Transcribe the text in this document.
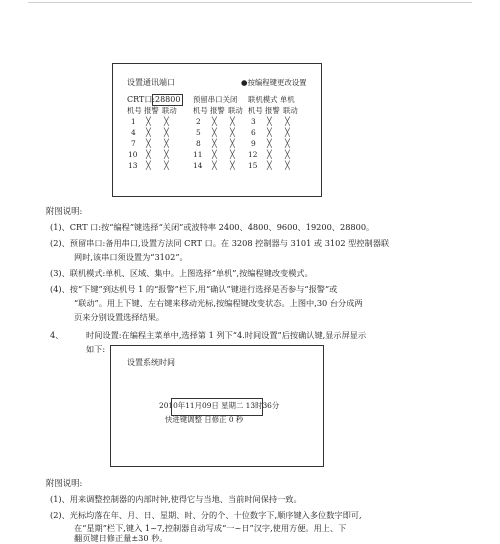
设置通讯端口	●按编程键更改设置
CRT口: 28800	预留串口关闭 联机模式 单机
机号 报警 联动 机号 报警 联动 机号 报警 联动
1 ╳ ╳	2 ╳ ╳ 3 ╳ ╳
4 ╳ ╳	5 ╳ ╳ 6 ╳ ╳
7 ╳ ╳	8 ╳ ╳ 9 ╳ ╳
10 ╳ ╳	11 ╳ ╳ 12 ╳ ╳
13 ╳ ╳	14 ╳ ╳ 15 ╳ ╳
附图说明:
(1)、CRT 口:按“编程”键选择“关闭”或波特率 2400、4800、9600、19200、28800。
(2)、预留串口:备用串口,设置方法同 CRT 口。在 3208 控制器与 3101 或 3102 型控制器联
网时,该串口须设置为“3102”。
(3)、联机模式:单机、区域、集中。上图选择“单机”,按编程键改变模式。
(4)、按“下键”到达机号 1 的“报警”栏下,用“确认”键进行选择是否参与“报警”或
“联动”。用上下键、左右键来移动光标,按编程键改变状态。上图中,30 台分成两
页来分别设置选择结果。
4、	时间设置:在编程主菜单中,选择第 1 列下“4.时间设置”后按确认键,显示屏显示
如下:
设置系统时间
2010年11月09日 星期二 13时36分
快进键调整 日修正 0 秒
附图说明:
(1)、用来调整控制器的内部时钟,使得它与当地、当前时间保持一致。
(2)、光标均落在年、月、日、星期、时、分的个、十位数字下,顺序键入多位数字即可,
在“星期”栏下,键入 1~7,控制器自动写成“一~日”汉字,使用方便。用上、下
翻页键日修正量±30 秒。
